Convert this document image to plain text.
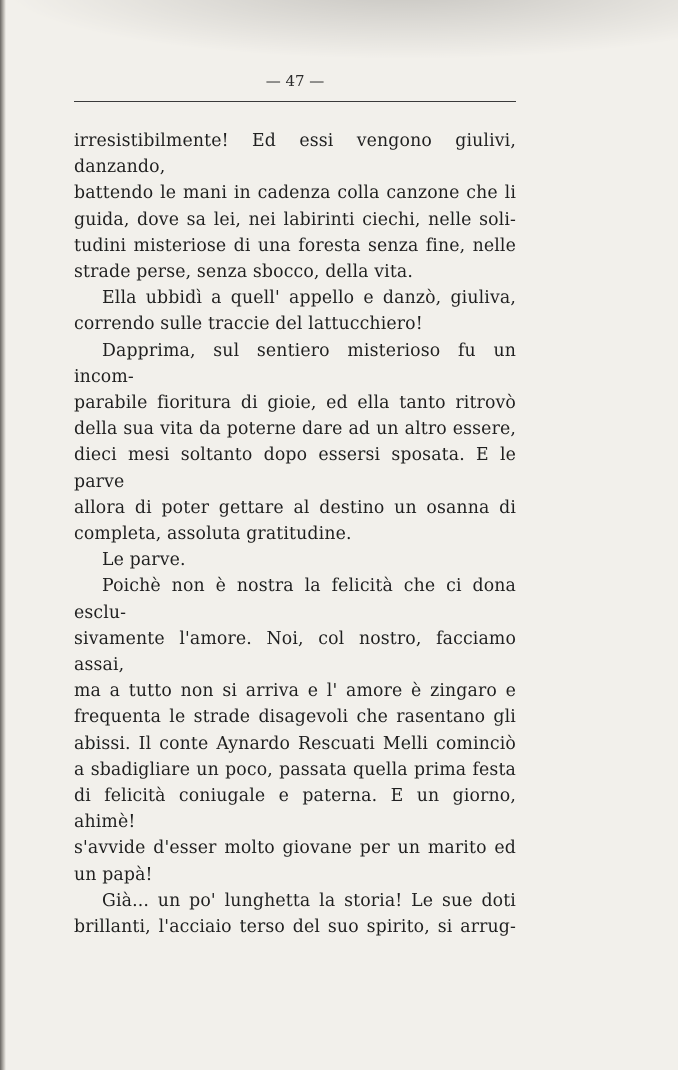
— 47 —

irresistibilmente! Ed essi vengono giulivi, danzando,

battendo le mani in cadenza colla canzone che li

guida, dove sa lei, nei labirinti ciechi, nelle soli-

tudini misteriose di una foresta senza fine, nelle

strade perse, senza sbocco, della vita.

Ella ubbidì a quell' appello e danzò, giuliva,

correndo sulle traccie del lattucchiero!

Dapprima, sul sentiero misterioso fu un incom-

parabile fioritura di gioie, ed ella tanto ritrovò

della sua vita da poterne dare ad un altro essere,

dieci mesi soltanto dopo essersi sposata. E le parve

allora di poter gettare al destino un osanna di

completa, assoluta gratitudine.

Le parve.

Poichè non è nostra la felicità che ci dona esclu-

sivamente l'amore. Noi, col nostro, facciamo assai,

ma a tutto non si arriva e l' amore è zingaro e

frequenta le strade disagevoli che rasentano gli

abissi. Il conte Aynardo Rescuati Melli cominciò

a sbadigliare un poco, passata quella prima festa

di felicità coniugale e paterna. E un giorno, ahimè!

s'avvide d'esser molto giovane per un marito ed

un papà!

Già... un po' lunghetta la storia! Le sue doti

brillanti, l'acciaio terso del suo spirito, si arrug-
